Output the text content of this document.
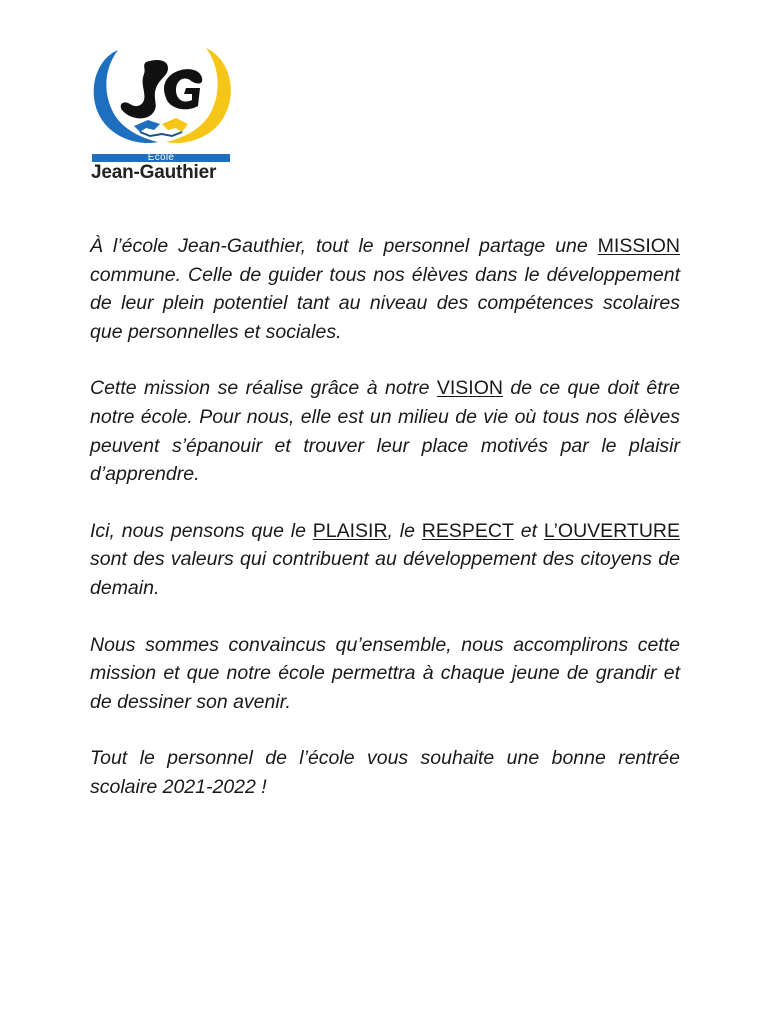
École
Jean-Gauthier

À l’école Jean-Gauthier, tout le personnel partage une MISSION commune. Celle de guider tous nos élèves dans le développement de leur plein potentiel tant au niveau des compétences scolaires que personnelles et sociales.

Cette mission se réalise grâce à notre VISION de ce que doit être notre école. Pour nous, elle est un milieu de vie où tous nos élèves peuvent s’épanouir et trouver leur place motivés par le plaisir d’apprendre.

Ici, nous pensons que le PLAISIR, le RESPECT et L’OUVERTURE sont des valeurs qui contribuent au développement des citoyens de demain.

Nous sommes convaincus qu’ensemble, nous accomplirons cette mission et que notre école permettra à chaque jeune de grandir et de dessiner son avenir.

Tout le personnel de l’école vous souhaite une bonne rentrée scolaire 2021-2022 !
